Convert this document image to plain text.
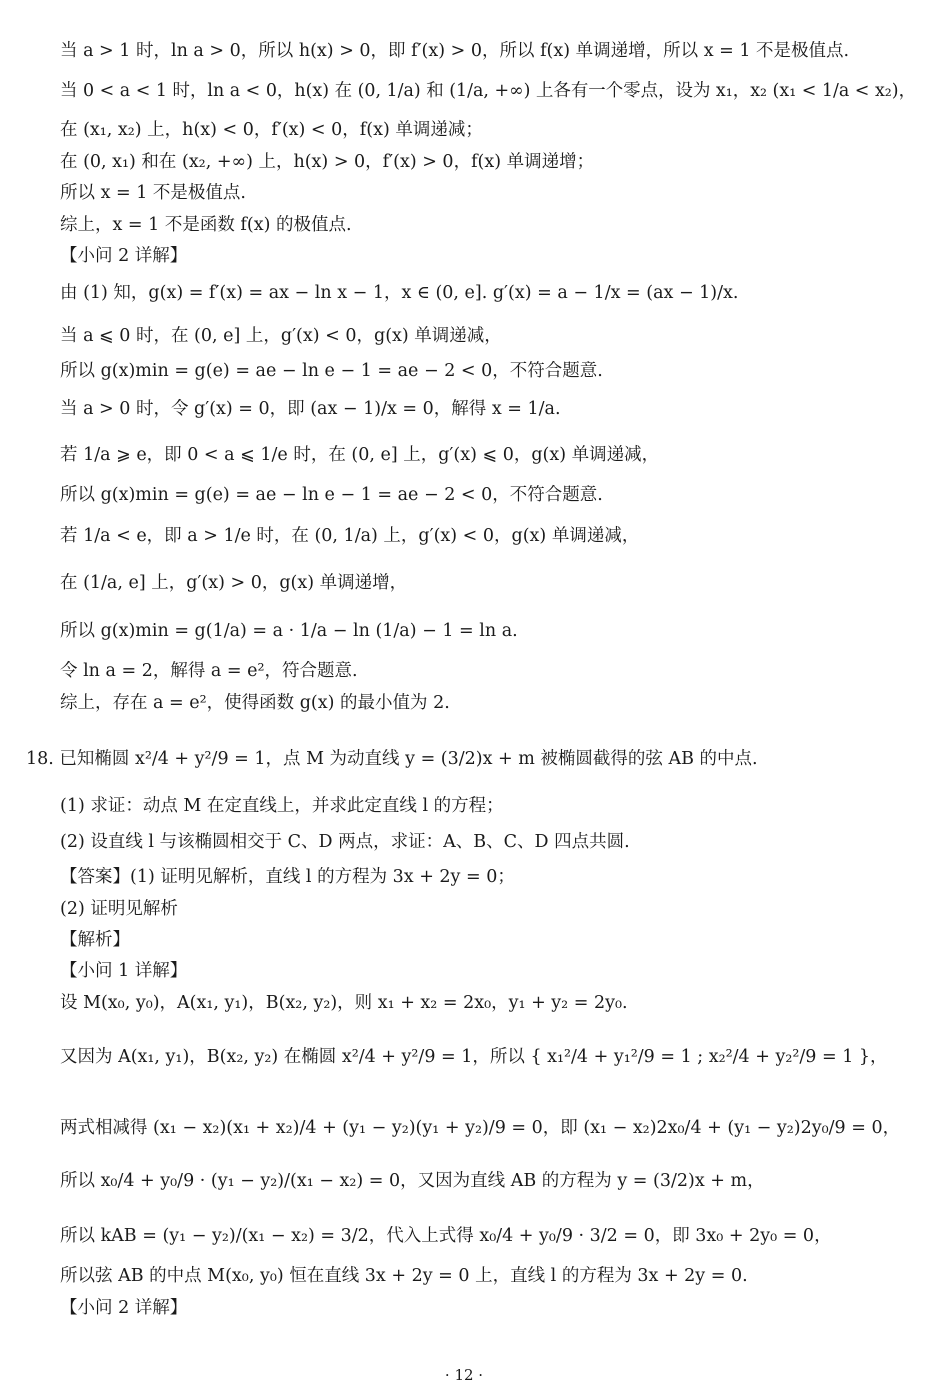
当 a > 1 时，ln a > 0，所以 h(x) > 0，即 f′(x) > 0，所以 f(x) 单调递增，所以 x = 1 不是极值点.
当 0 < a < 1 时，ln a < 0，h(x) 在 (0, 1/a) 和 (1/a, +∞) 上各有一个零点，设为 x₁，x₂ (x₁ < 1/a < x₂)，
在 (x₁, x₂) 上，h(x) < 0，f′(x) < 0，f(x) 单调递减；
在 (0, x₁) 和在 (x₂, +∞) 上，h(x) > 0，f′(x) > 0，f(x) 单调递增；
所以 x = 1 不是极值点.
综上，x = 1 不是函数 f(x) 的极值点.
【小问 2 详解】
由 (1) 知，g(x) = f′(x) = ax − ln x − 1，x ∈ (0, e]. g′(x) = a − 1/x = (ax − 1)/x.
当 a ⩽ 0 时，在 (0, e] 上，g′(x) < 0，g(x) 单调递减，
所以 g(x)min = g(e) = ae − ln e − 1 = ae − 2 < 0，不符合题意.
当 a > 0 时，令 g′(x) = 0，即 (ax − 1)/x = 0，解得 x = 1/a.
若 1/a ⩾ e，即 0 < a ⩽ 1/e 时，在 (0, e] 上，g′(x) ⩽ 0，g(x) 单调递减，
所以 g(x)min = g(e) = ae − ln e − 1 = ae − 2 < 0，不符合题意.
若 1/a < e，即 a > 1/e 时，在 (0, 1/a) 上，g′(x) < 0，g(x) 单调递减，
在 (1/a, e] 上，g′(x) > 0，g(x) 单调递增，
所以 g(x)min = g(1/a) = a · 1/a − ln (1/a) − 1 = ln a.
令 ln a = 2，解得 a = e²，符合题意.
综上，存在 a = e²，使得函数 g(x) 的最小值为 2.
18. 已知椭圆 x²/4 + y²/9 = 1，点 M 为动直线 y = (3/2)x + m 被椭圆截得的弦 AB 的中点.
(1) 求证：动点 M 在定直线上，并求此定直线 l 的方程；
(2) 设直线 l 与该椭圆相交于 C、D 两点，求证：A、B、C、D 四点共圆.
【答案】(1) 证明见解析，直线 l 的方程为 3x + 2y = 0；
(2) 证明见解析
【解析】
【小问 1 详解】
设 M(x₀, y₀)，A(x₁, y₁)，B(x₂, y₂)，则 x₁ + x₂ = 2x₀，y₁ + y₂ = 2y₀.
又因为 A(x₁, y₁)，B(x₂, y₂) 在椭圆 x²/4 + y²/9 = 1，所以 { x₁²/4 + y₁²/9 = 1 ; x₂²/4 + y₂²/9 = 1 }，
两式相减得 (x₁ − x₂)(x₁ + x₂)/4 + (y₁ − y₂)(y₁ + y₂)/9 = 0，即 (x₁ − x₂)2x₀/4 + (y₁ − y₂)2y₀/9 = 0，
所以 x₀/4 + y₀/9 · (y₁ − y₂)/(x₁ − x₂) = 0，又因为直线 AB 的方程为 y = (3/2)x + m，
所以 kAB = (y₁ − y₂)/(x₁ − x₂) = 3/2，代入上式得 x₀/4 + y₀/9 · 3/2 = 0，即 3x₀ + 2y₀ = 0，
所以弦 AB 的中点 M(x₀, y₀) 恒在直线 3x + 2y = 0 上，直线 l 的方程为 3x + 2y = 0.
【小问 2 详解】
· 12 ·
